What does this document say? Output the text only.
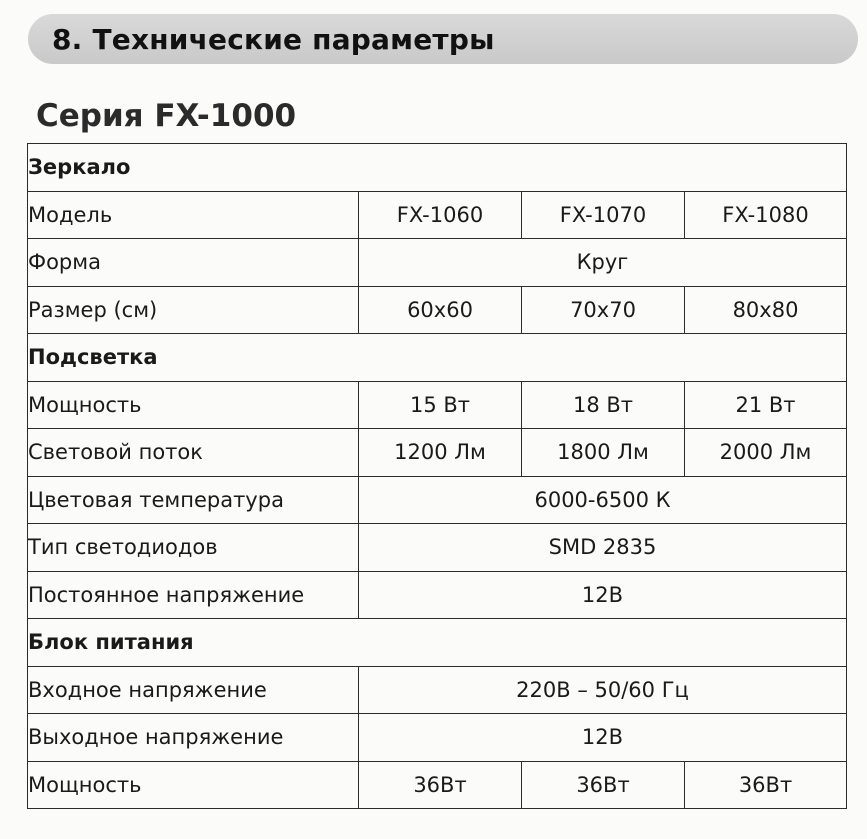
8. Технические параметры
Серия FX-1000
Зеркало			
Модель	FX-1060	FX-1070	FX-1080
Форма	Круг		
Размер (см)	60x60	70x70	80x80
Подсветка			
Мощность	15 Вт	18 Вт	21 Вт
Световой поток	1200 Лм	1800 Лм	2000 Лм
Цветовая температура	6000-6500 К		
Тип светодиодов	SMD 2835		
Постоянное напряжение	12В		
Блок питания			
Входное напряжение	220В – 50/60 Гц		
Выходное напряжение	12В		
Мощность	36Вт	36Вт	36Вт
